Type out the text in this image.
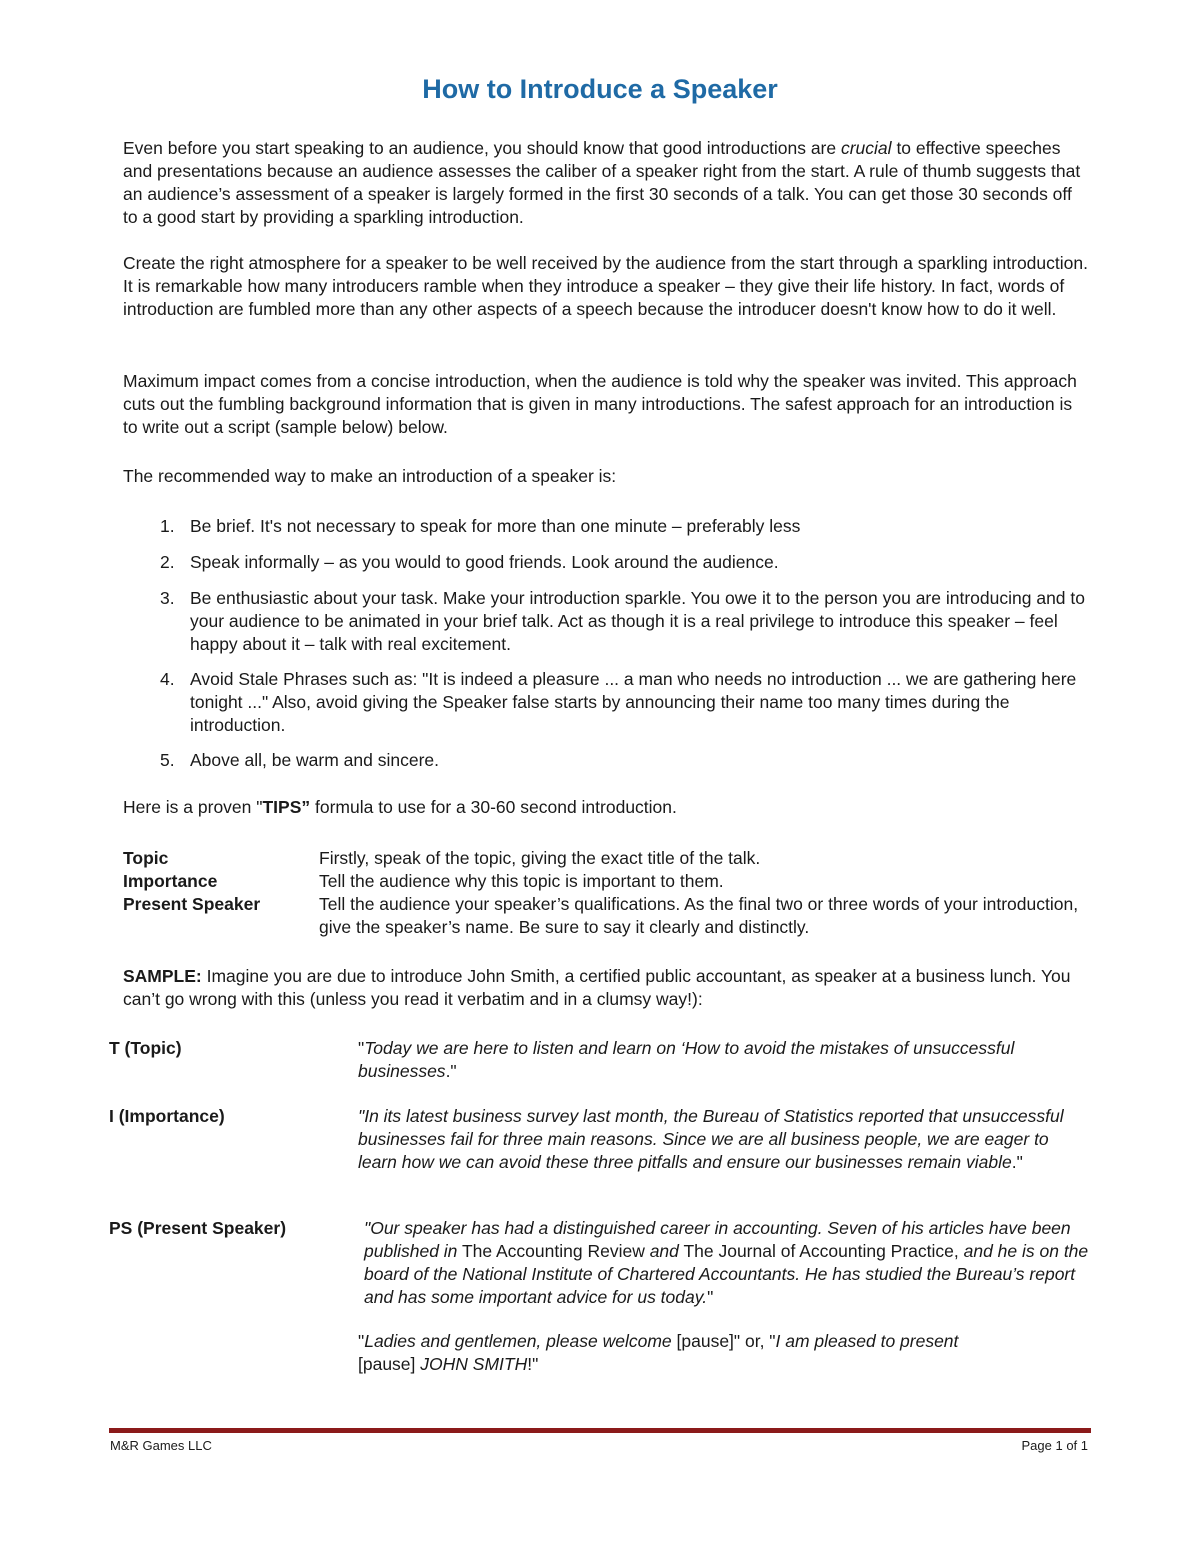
How to Introduce a Speaker

Even before you start speaking to an audience, you should know that good introductions are crucial to effective speeches and presentations because an audience assesses the caliber of a speaker right from the start. A rule of thumb suggests that an audience’s assessment of a speaker is largely formed in the first 30 seconds of a talk. You can get those 30 seconds off to a good start by providing a sparkling introduction.

Create the right atmosphere for a speaker to be well received by the audience from the start through a sparkling introduction. It is remarkable how many introducers ramble when they introduce a speaker – they give their life history. In fact, words of introduction are fumbled more than any other aspects of a speech because the introducer doesn't know how to do it well.

Maximum impact comes from a concise introduction, when the audience is told why the speaker was invited. This approach cuts out the fumbling background information that is given in many introductions. The safest approach for an introduction is to write out a script (sample below) below.

The recommended way to make an introduction of a speaker is:

1. Be brief. It's not necessary to speak for more than one minute – preferably less
2. Speak informally – as you would to good friends. Look around the audience.
3. Be enthusiastic about your task. Make your introduction sparkle. You owe it to the person you are introducing and to your audience to be animated in your brief talk. Act as though it is a real privilege to introduce this speaker – feel happy about it – talk with real excitement.
4. Avoid Stale Phrases such as: "It is indeed a pleasure ... a man who needs no introduction ... we are gathering here tonight ..." Also, avoid giving the Speaker false starts by announcing their name too many times during the introduction.
5. Above all, be warm and sincere.

Here is a proven "TIPS” formula to use for a 30-60 second introduction.

Topic	Firstly, speak of the topic, giving the exact title of the talk.
Importance	Tell the audience why this topic is important to them.
Present Speaker	Tell the audience your speaker’s qualifications. As the final two or three words of your introduction, give the speaker’s name. Be sure to say it clearly and distinctly.

SAMPLE: Imagine you are due to introduce John Smith, a certified public accountant, as speaker at a business lunch. You can’t go wrong with this (unless you read it verbatim and in a clumsy way!):

T (Topic)	"Today we are here to listen and learn on ‘How to avoid the mistakes of unsuccessful businesses."
I (Importance)	"In its latest business survey last month, the Bureau of Statistics reported that unsuccessful businesses fail for three main reasons. Since we are all business people, we are eager to learn how we can avoid these three pitfalls and ensure our businesses remain viable."
PS (Present Speaker)	"Our speaker has had a distinguished career in accounting. Seven of his articles have been published in The Accounting Review and The Journal of Accounting Practice, and he is on the board of the National Institute of Chartered Accountants. He has studied the Bureau’s report and has some important advice for us today."
"Ladies and gentlemen, please welcome [pause]" or, "I am pleased to present
[pause] JOHN SMITH!"
M&R Games LLC	Page 1 of 1
